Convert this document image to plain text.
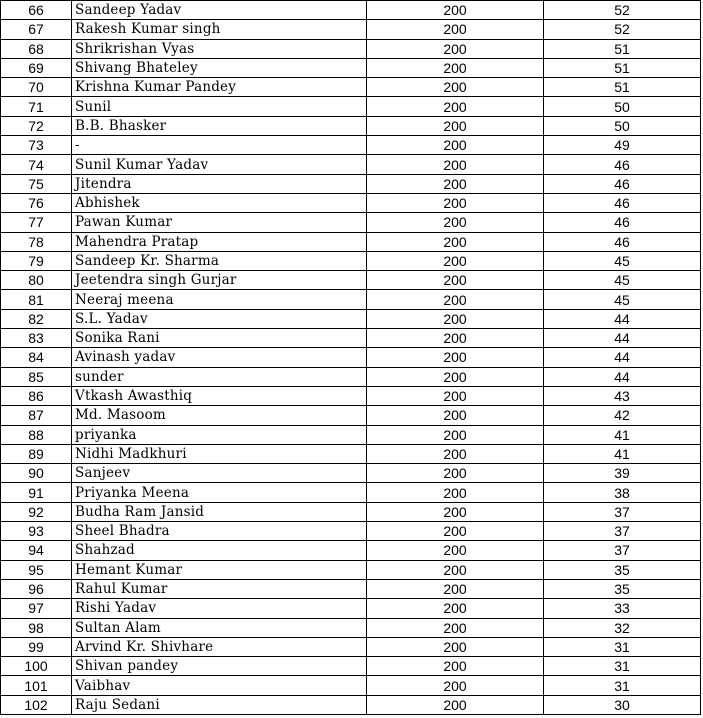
66	Sandeep Yadav	200	52
67	Rakesh Kumar singh	200	52
68	Shrikrishan Vyas	200	51
69	Shivang Bhateley	200	51
70	Krishna Kumar Pandey	200	51
71	Sunil	200	50
72	B.B. Bhasker	200	50
73	-	200	49
74	Sunil Kumar Yadav	200	46
75	Jitendra	200	46
76	Abhishek	200	46
77	Pawan Kumar	200	46
78	Mahendra Pratap	200	46
79	Sandeep Kr. Sharma	200	45
80	Jeetendra singh Gurjar	200	45
81	Neeraj meena	200	45
82	S.L. Yadav	200	44
83	Sonika Rani	200	44
84	Avinash yadav	200	44
85	sunder	200	44
86	Vtkash Awasthiq	200	43
87	Md. Masoom	200	42
88	priyanka	200	41
89	Nidhi Madkhuri	200	41
90	Sanjeev	200	39
91	Priyanka Meena	200	38
92	Budha Ram Jansid	200	37
93	Sheel Bhadra	200	37
94	Shahzad	200	37
95	Hemant Kumar	200	35
96	Rahul Kumar	200	35
97	Rishi Yadav	200	33
98	Sultan Alam	200	32
99	Arvind Kr. Shivhare	200	31
100	Shivan pandey	200	31
101	Vaibhav	200	31
102	Raju Sedani	200	30
